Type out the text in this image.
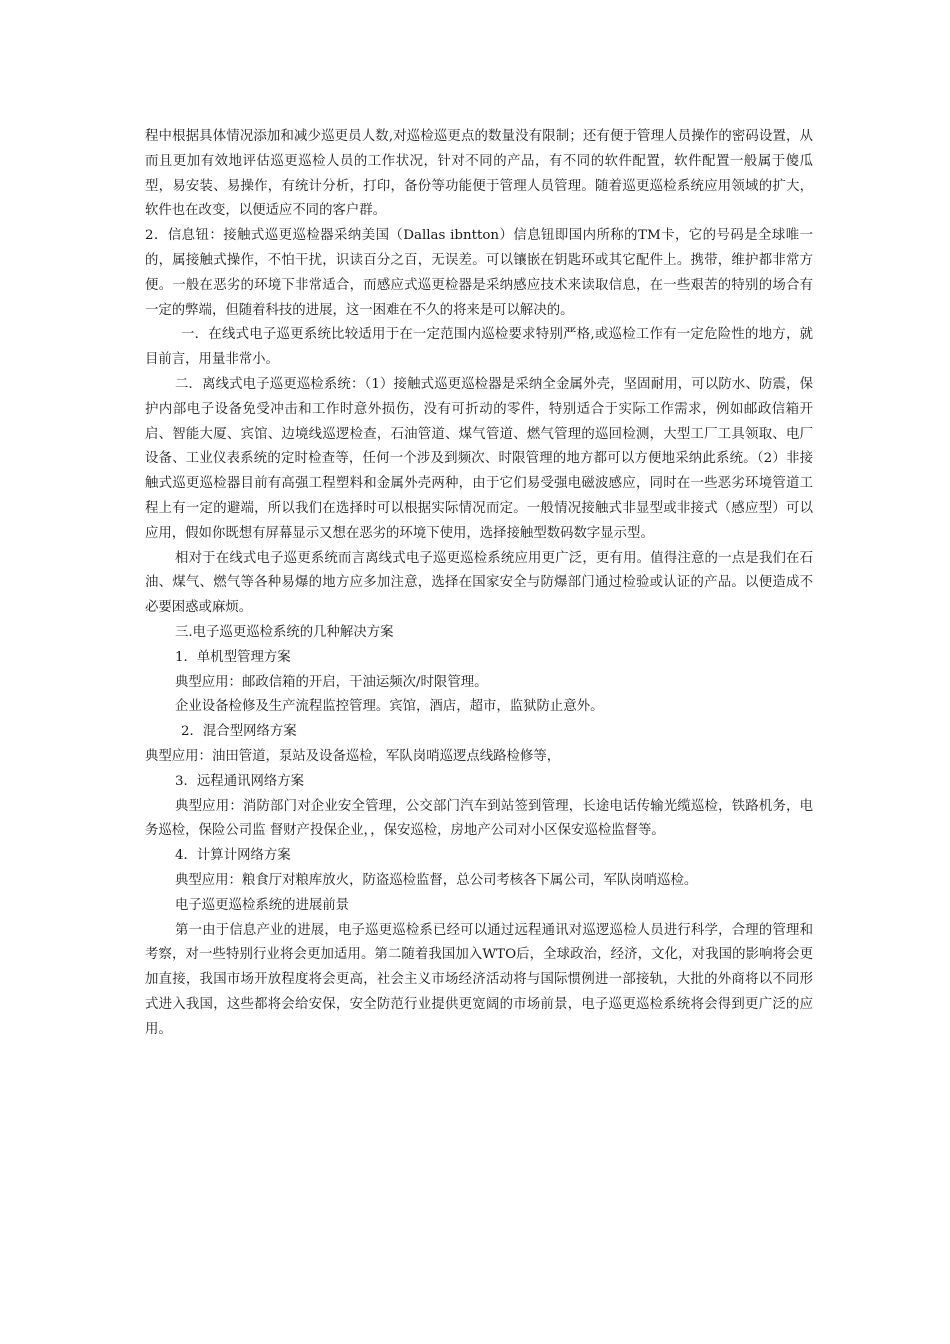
程中根据具体情况添加和减少巡更员人数,对巡检巡更点的数量没有限制；还有便于管理人员操作的密码设置，从而且更加有效地评估巡更巡检人员的工作状况，针对不同的产品，有不同的软件配置，软件配置一般属于傻瓜型，易安装、易操作，有统计分析，打印，备份等功能便于管理人员管理。随着巡更巡检系统应用领域的扩大，软件也在改变，以便适应不同的客户群。

2．信息钮：接触式巡更巡检器采纳美国（Dallas ibntton）信息钮即国内所称的TM卡，它的号码是全球唯一的，属接触式操作，不怕干扰，识读百分之百，无误差。可以镶嵌在钥匙环或其它配件上。携带，维护都非常方便。一般在恶劣的环境下非常适合，而感应式巡更检器是采纳感应技术来读取信息，在一些艰苦的特别的场合有一定的弊端，但随着科技的进展，这一困难在不久的将来是可以解决的。

一．在线式电子巡更系统比较适用于在一定范围内巡检要求特别严格,或巡检工作有一定危险性的地方，就目前言，用量非常小。

二．离线式电子巡更巡检系统：（1）接触式巡更巡检器是采纳全金属外壳，坚固耐用，可以防水、防震，保护内部电子设备免受冲击和工作时意外损伤，没有可折动的零件，特别适合于实际工作需求，例如邮政信箱开启、智能大厦、宾馆、边境线巡逻检查，石油管道、煤气管道、燃气管理的巡回检测，大型工厂工具领取、电厂设备、工业仪表系统的定时检查等，任何一个涉及到频次、时限管理的地方都可以方便地采纳此系统。（2）非接触式巡更巡检器目前有高强工程塑料和金属外壳两种，由于它们易受强电磁波感应，同时在一些恶劣环境管道工程上有一定的避端，所以我们在选择时可以根据实际情况而定。一般情况接触式非显型或非接式（感应型）可以应用，假如你既想有屏幕显示又想在恶劣的环境下使用，选择接触型数码数字显示型。

相对于在线式电子巡更系统而言离线式电子巡更巡检系统应用更广泛，更有用。值得注意的一点是我们在石油、煤气、燃气等各种易爆的地方应多加注意，选择在国家安全与防爆部门通过检验或认证的产品。以便造成不必要困惑或麻烦。

三.电子巡更巡检系统的几种解决方案

1．单机型管理方案

典型应用：邮政信箱的开启，干油运频次/时限管理。

企业设备检修及生产流程监控管理。宾馆，酒店，超市，监狱防止意外。

2．混合型网络方案

典型应用：油田管道，泵站及设备巡检，军队岗哨巡逻点线路检修等，

3．远程通讯网络方案

典型应用：消防部门对企业安全管理，公交部门汽车到站签到管理，长途电话传输光缆巡检，铁路机务，电务巡检，保险公司监 督财产投保企业，，保安巡检，房地产公司对小区保安巡检监督等。

4．计算计网络方案

典型应用：粮食厅对粮库放火，防盗巡检监督，总公司考核各下属公司，军队岗哨巡检。

电子巡更巡检系统的进展前景

第一由于信息产业的进展，电子巡更巡检系已经可以通过远程通讯对巡逻巡检人员进行科学，合理的管理和考察，对一些特别行业将会更加适用。第二随着我国加入WTO后，全球政治，经济，文化，对我国的影响将会更加直接，我国市场开放程度将会更高，社会主义市场经济活动将与国际惯例进一部接轨，大批的外商将以不同形式进入我国，这些都将会给安保，安全防范行业提供更宽阔的市场前景，电子巡更巡检系统将会得到更广泛的应用。
